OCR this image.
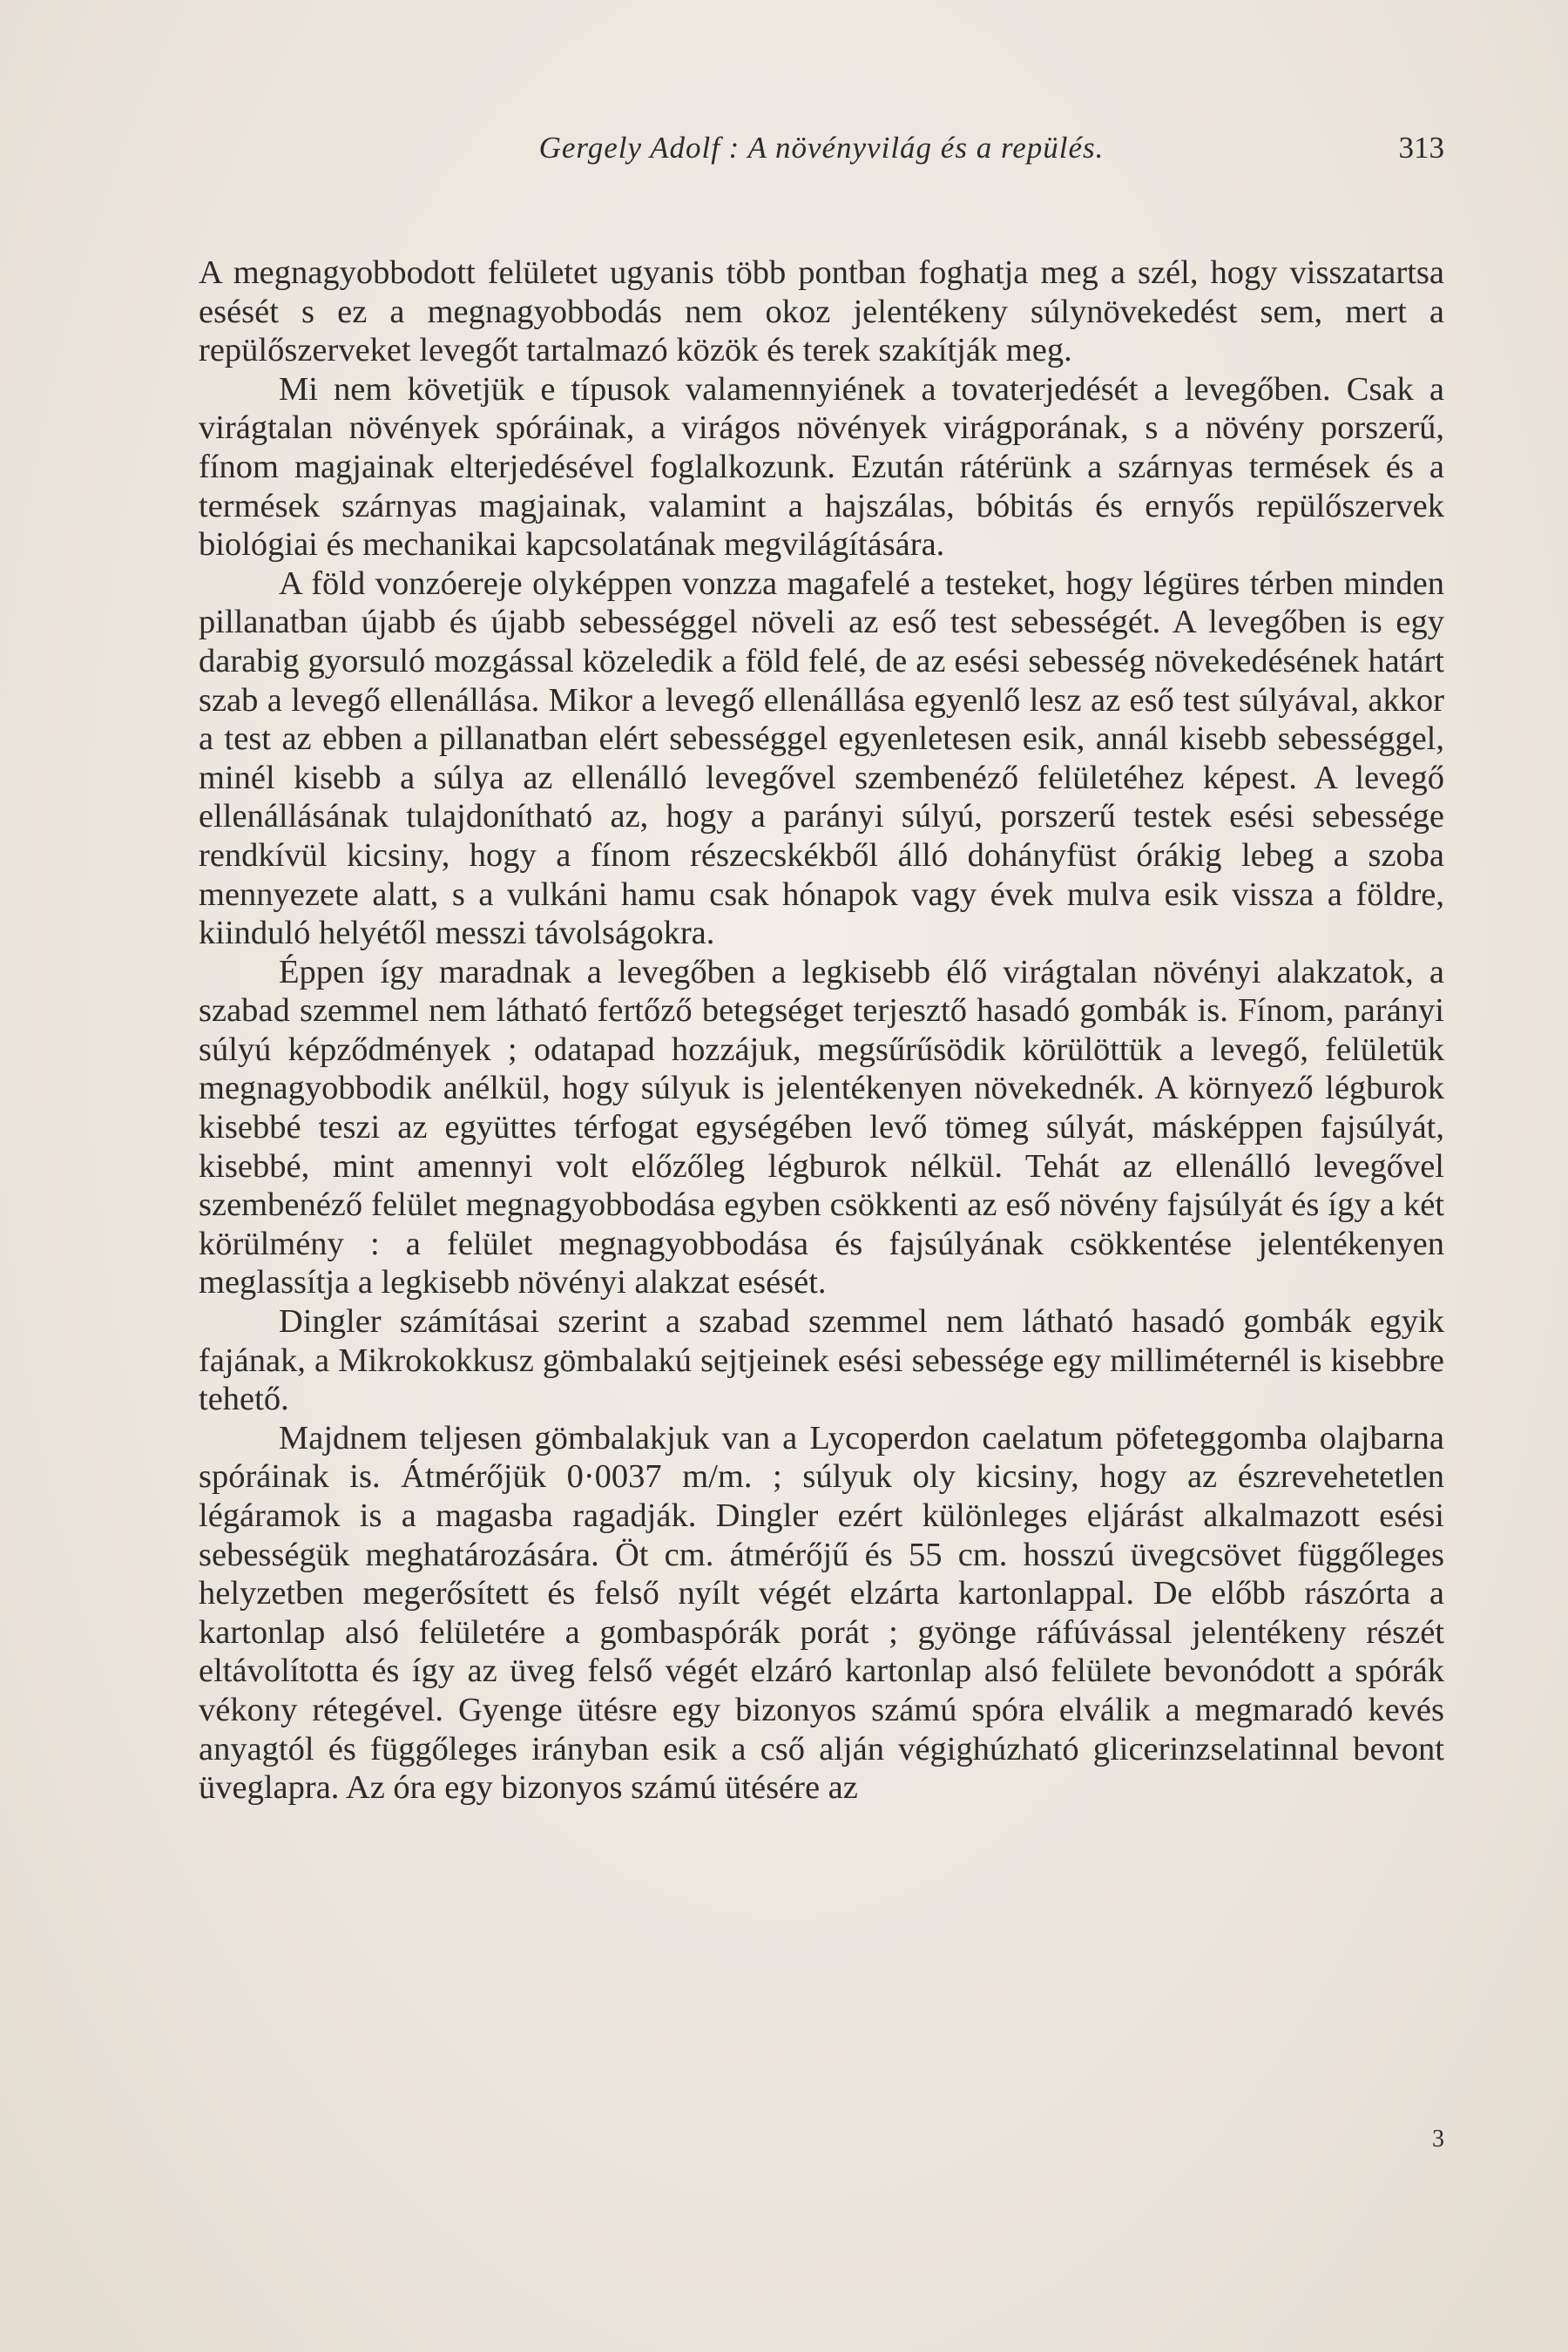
Gergely Adolf : A növényvilág és a repülés.	313

A megnagyobbodott felületet ugyanis több pontban foghatja meg a szél, hogy visszatartsa esését s ez a megnagyobbodás nem okoz jelentékeny súlynövekedést sem, mert a repülőszerveket levegőt tartalmazó közök és terek szakítják meg.

Mi nem követjük e típusok valamennyiének a tovaterjedését a levegőben. Csak a virágtalan növények spóráinak, a virágos növények virágporának, s a növény porszerű, fínom magjainak elterjedésével foglalkozunk. Ezután rátérünk a szárnyas termések és a termések szárnyas magjainak, valamint a hajszálas, bóbitás és ernyős repülőszervek biológiai és mechanikai kapcsolatának megvilágítására.

A föld vonzóereje olyképpen vonzza magafelé a testeket, hogy légüres térben minden pillanatban újabb és újabb sebességgel növeli az eső test sebességét. A levegőben is egy darabig gyorsuló mozgással közeledik a föld felé, de az esési sebesség növekedésének határt szab a levegő ellenállása. Mikor a levegő ellenállása egyenlő lesz az eső test súlyával, akkor a test az ebben a pillanatban elért sebességgel egyenletesen esik, annál kisebb sebességgel, minél kisebb a súlya az ellenálló levegővel szembenéző felületéhez képest. A levegő ellenállásának tulajdonítható az, hogy a parányi súlyú, porszerű testek esési sebessége rendkívül kicsiny, hogy a fínom részecskékből álló dohányfüst órákig lebeg a szoba mennyezete alatt, s a vulkáni hamu csak hónapok vagy évek mulva esik vissza a földre, kiinduló helyétől messzi távolságokra.

Éppen így maradnak a levegőben a legkisebb élő virágtalan növényi alakzatok, a szabad szemmel nem látható fertőző betegséget terjesztő hasadó gombák is. Fínom, parányi súlyú képződmények ; odatapad hozzájuk, megsűrűsödik körülöttük a levegő, felületük megnagyobbodik anélkül, hogy súlyuk is jelentékenyen növekednék. A környező légburok kisebbé teszi az együttes térfogat egységében levő tömeg súlyát, másképpen fajsúlyát, kisebbé, mint amennyi volt előzőleg légburok nélkül. Tehát az ellenálló levegővel szembenéző felület megnagyobbodása egyben csökkenti az eső növény fajsúlyát és így a két körülmény : a felület megnagyobbodása és fajsúlyának csökkentése jelentékenyen meglassítja a legkisebb növényi alakzat esését.

Dingler számításai szerint a szabad szemmel nem látható hasadó gombák egyik fajának, a Mikrokokkusz gömbalakú sejtjeinek esési sebessége egy milliméternél is kisebbre tehető.

Majdnem teljesen gömbalakjuk van a Lycoperdon caelatum pöfeteggomba olajbarna spóráinak is. Átmérőjük 0·0037 m/m. ; súlyuk oly kicsiny, hogy az észrevehetetlen légáramok is a magasba ragadják. Dingler ezért különleges eljárást alkalmazott esési sebességük meghatározására. Öt cm. átmérőjű és 55 cm. hosszú üvegcsövet függőleges helyzetben megerősített és felső nyílt végét elzárta kartonlappal. De előbb rászórta a kartonlap alsó felületére a gombaspórák porát ; gyönge ráfúvással jelentékeny részét eltávolította és így az üveg felső végét elzáró kartonlap alsó felülete bevonódott a spórák vékony rétegével. Gyenge ütésre egy bizonyos számú spóra elválik a megmaradó kevés anyagtól és függőleges irányban esik a cső alján végighúzható glicerinzselatinnal bevont üveglapra. Az óra egy bizonyos számú ütésére az

3
